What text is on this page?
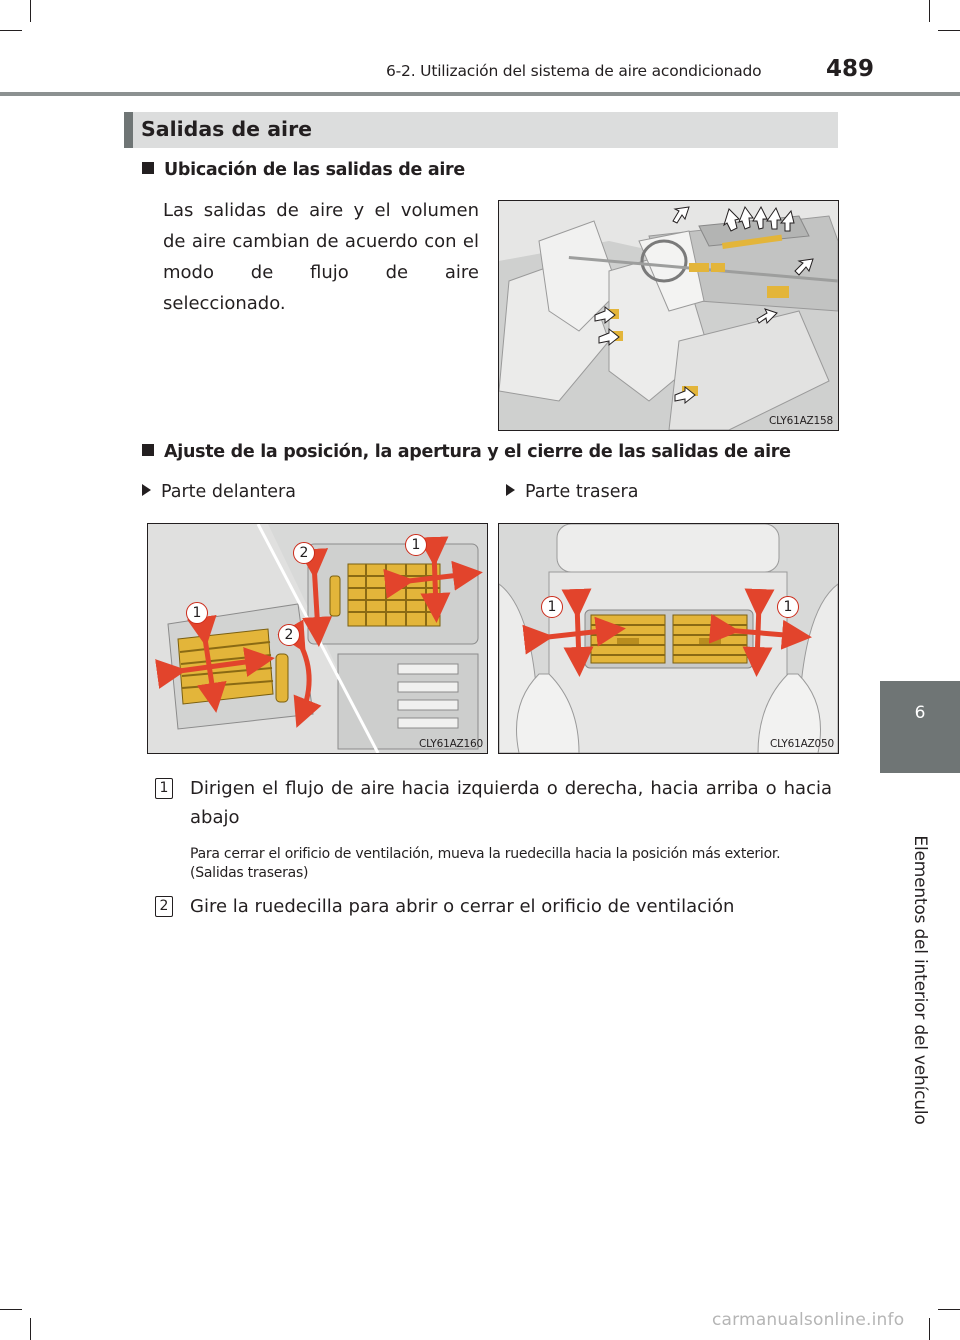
6-2. Utilización del sistema de aire acondicionado	489
6
Elementos del interior del vehículo
Salidas de aire
Ubicación de las salidas de aire
Las salidas de aire y el volumen de aire cambian de acuerdo con el modo de flujo de aire seleccionado.
CLY61AZ158
Ajuste de la posición, la apertura y el cierre de las salidas de aire
Parte delantera	Parte trasera
2	1
1
2
CLY61AZ160
1	1
CLY61AZ050
1 Dirigen el flujo de aire hacia izquierda o derecha, hacia arriba o hacia abajo
Para cerrar el orificio de ventilación, mueva la ruedecilla hacia la posición más exterior. (Salidas traseras)
2 Gire la ruedecilla para abrir o cerrar el orificio de ventilación
carmanualsonline.info
